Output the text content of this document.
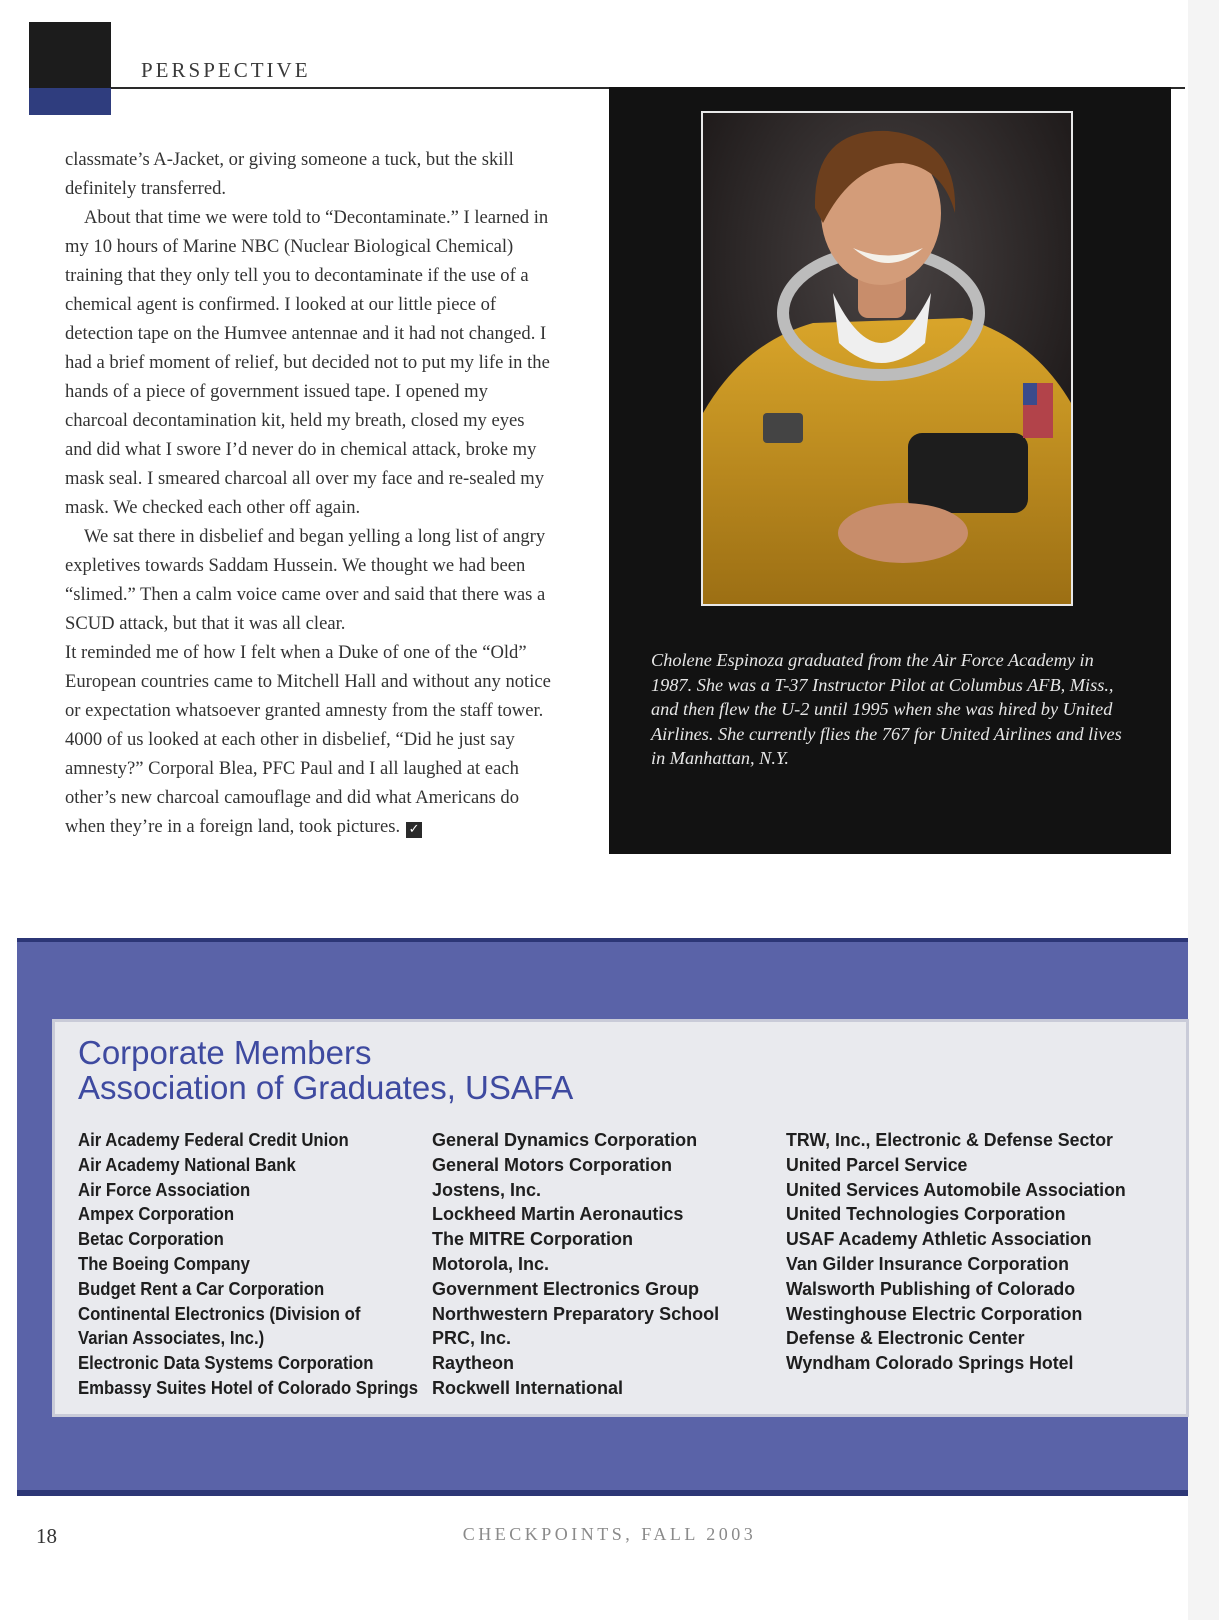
PERSPECTIVE

classmate’s A-Jacket, or giving someone a tuck, but the skill definitely transferred.

About that time we were told to “Decontaminate.” I learned in my 10 hours of Marine NBC (Nuclear Biological Chemical) training that they only tell you to decontaminate if the use of a chemical agent is confirmed. I looked at our little piece of detection tape on the Humvee antennae and it had not changed. I had a brief moment of relief, but decided not to put my life in the hands of a piece of government issued tape. I opened my charcoal decontamination kit, held my breath, closed my eyes and did what I swore I’d never do in chemical attack, broke my mask seal. I smeared charcoal all over my face and re-sealed my mask. We checked each other off again.

We sat there in disbelief and began yelling a long list of angry expletives towards Saddam Hussein. We thought we had been “slimed.” Then a calm voice came over and said that there was a SCUD attack, but that it was all clear.

It reminded me of how I felt when a Duke of one of the “Old” European countries came to Mitchell Hall and without any notice or expectation whatsoever granted amnesty from the staff tower. 4000 of us looked at each other in disbelief, “Did he just say amnesty?” Corporal Blea, PFC Paul and I all laughed at each other’s new charcoal camouflage and did what Americans do when they’re in a foreign land, took pictures. ✓

Cholene Espinoza graduated from the Air Force Academy in 1987. She was a T-37 Instructor Pilot at Columbus AFB, Miss., and then flew the U-2 until 1995 when she was hired by United Airlines. She currently flies the 767 for United Airlines and lives in Manhattan, N.Y.
Corporate Members
Association of Graduates, USAFA
Air Academy Federal Credit Union
Air Academy National Bank
Air Force Association
Ampex Corporation
Betac Corporation
The Boeing Company
Budget Rent a Car Corporation
Continental Electronics (Division of
Varian Associates, Inc.)
Electronic Data Systems Corporation
Embassy Suites Hotel of Colorado Springs
General Dynamics Corporation
General Motors Corporation
Jostens, Inc.
Lockheed Martin Aeronautics
The MITRE Corporation
Motorola, Inc.
Government Electronics Group
Northwestern Preparatory School
PRC, Inc.
Raytheon
Rockwell International
TRW, Inc., Electronic & Defense Sector
United Parcel Service
United Services Automobile Association
United Technologies Corporation
USAF Academy Athletic Association
Van Gilder Insurance Corporation
Walsworth Publishing of Colorado
Westinghouse Electric Corporation
Defense & Electronic Center
Wyndham Colorado Springs Hotel
18	CHECKPOINTS, FALL 2003
